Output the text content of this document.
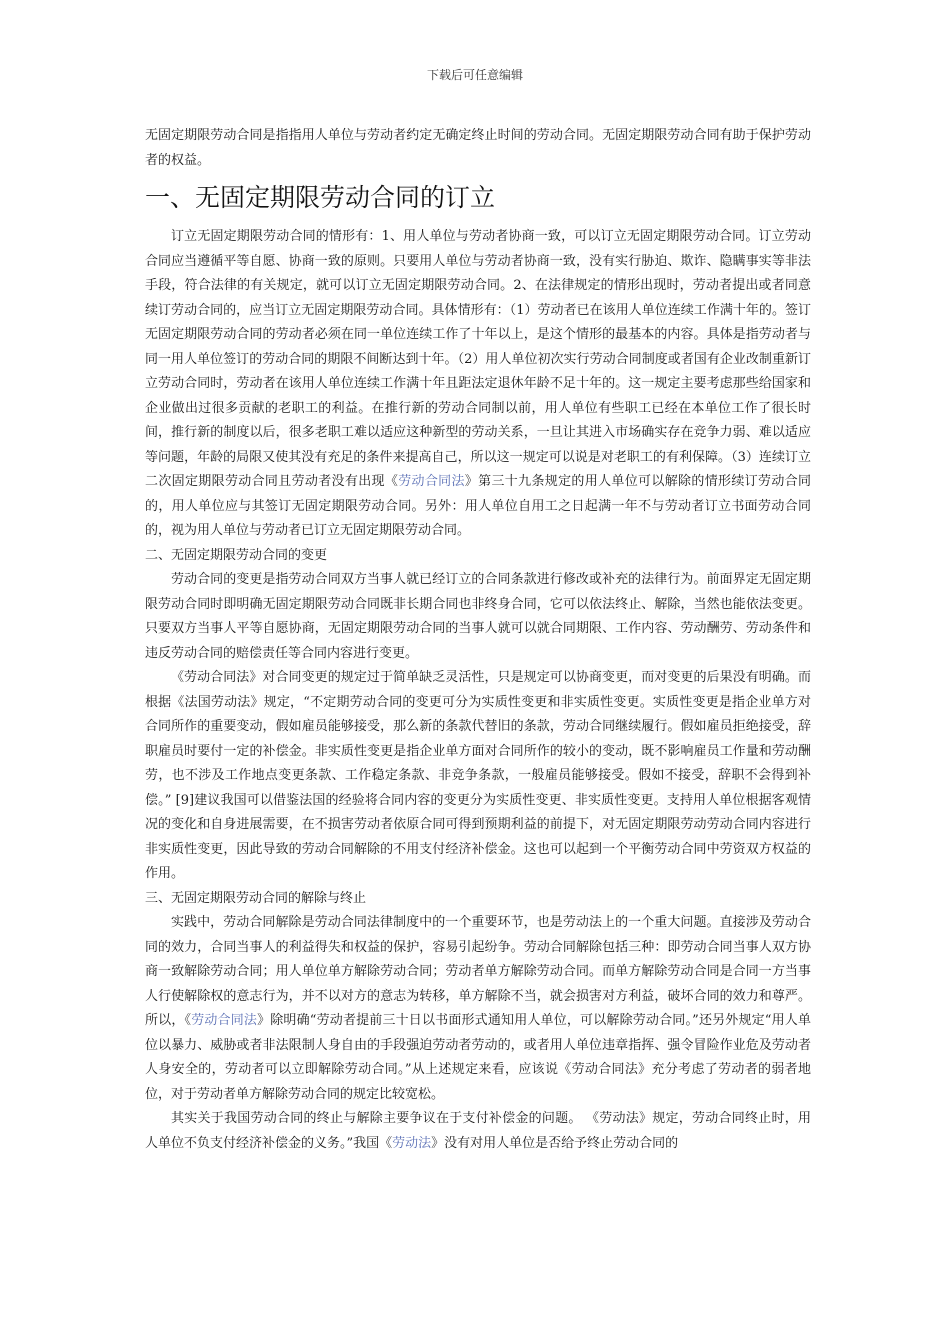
下载后可任意编辑

无固定期限劳动合同是指指用人单位与劳动者约定无确定终止时间的劳动合同。无固定期限劳动合同有助于保护劳动者的权益。

一、无固定期限劳动合同的订立

订立无固定期限劳动合同的情形有：1、用人单位与劳动者协商一致，可以订立无固定期限劳动合同。订立劳动合同应当遵循平等自愿、协商一致的原则。只要用人单位与劳动者协商一致，没有实行胁迫、欺诈、隐瞒事实等非法手段，符合法律的有关规定，就可以订立无固定期限劳动合同。2、在法律规定的情形出现时，劳动者提出或者同意续订劳动合同的，应当订立无固定期限劳动合同。具体情形有：（1）劳动者已在该用人单位连续工作满十年的。签订无固定期限劳动合同的劳动者必须在同一单位连续工作了十年以上，是这个情形的最基本的内容。具体是指劳动者与同一用人单位签订的劳动合同的期限不间断达到十年。（2）用人单位初次实行劳动合同制度或者国有企业改制重新订立劳动合同时，劳动者在该用人单位连续工作满十年且距法定退休年龄不足十年的。这一规定主要考虑那些给国家和企业做出过很多贡献的老职工的利益。在推行新的劳动合同制以前，用人单位有些职工已经在本单位工作了很长时间，推行新的制度以后，很多老职工难以适应这种新型的劳动关系，一旦让其进入市场确实存在竞争力弱、难以适应等问题，年龄的局限又使其没有充足的条件来提高自己，所以这一规定可以说是对老职工的有利保障。（3）连续订立二次固定期限劳动合同且劳动者没有出现《劳动合同法》第三十九条规定的用人单位可以解除的情形续订劳动合同的，用人单位应与其签订无固定期限劳动合同。另外：用人单位自用工之日起满一年不与劳动者订立书面劳动合同的，视为用人单位与劳动者已订立无固定期限劳动合同。

二、无固定期限劳动合同的变更

劳动合同的变更是指劳动合同双方当事人就已经订立的合同条款进行修改或补充的法律行为。前面界定无固定期限劳动合同时即明确无固定期限劳动合同既非长期合同也非终身合同，它可以依法终止、解除，当然也能依法变更。只要双方当事人平等自愿协商，无固定期限劳动合同的当事人就可以就合同期限、工作内容、劳动酬劳、劳动条件和违反劳动合同的赔偿责任等合同内容进行变更。

《劳动合同法》对合同变更的规定过于简单缺乏灵活性，只是规定可以协商变更，而对变更的后果没有明确。而根据《法国劳动法》规定，“不定期劳动合同的变更可分为实质性变更和非实质性变更。实质性变更是指企业单方对合同所作的重要变动，假如雇员能够接受，那么新的条款代替旧的条款，劳动合同继续履行。假如雇员拒绝接受，辞职雇员时要付一定的补偿金。非实质性变更是指企业单方面对合同所作的较小的变动，既不影响雇员工作量和劳动酬劳，也不涉及工作地点变更条款、工作稳定条款、非竞争条款，一般雇员能够接受。假如不接受，辞职不会得到补偿。” [9]建议我国可以借鉴法国的经验将合同内容的变更分为实质性变更、非实质性变更。支持用人单位根据客观情况的变化和自身进展需要，在不损害劳动者依原合同可得到预期利益的前提下，对无固定期限劳动劳动合同内容进行非实质性变更，因此导致的劳动合同解除的不用支付经济补偿金。这也可以起到一个平衡劳动合同中劳资双方权益的作用。

三、无固定期限劳动合同的解除与终止

实践中，劳动合同解除是劳动合同法律制度中的一个重要环节，也是劳动法上的一个重大问题。直接涉及劳动合同的效力，合同当事人的利益得失和权益的保护，容易引起纷争。劳动合同解除包括三种：即劳动合同当事人双方协商一致解除劳动合同；用人单位单方解除劳动合同；劳动者单方解除劳动合同。而单方解除劳动合同是合同一方当事人行使解除权的意志行为，并不以对方的意志为转移，单方解除不当，就会损害对方利益，破坏合同的效力和尊严。所以，《劳动合同法》除明确“劳动者提前三十日以书面形式通知用人单位，可以解除劳动合同。”还另外规定“用人单位以暴力、威胁或者非法限制人身自由的手段强迫劳动者劳动的，或者用人单位违章指挥、强令冒险作业危及劳动者人身安全的，劳动者可以立即解除劳动合同。”从上述规定来看，应该说《劳动合同法》充分考虑了劳动者的弱者地位，对于劳动者单方解除劳动合同的规定比较宽松。

其实关于我国劳动合同的终止与解除主要争议在于支付补偿金的问题。 《劳动法》规定，劳动合同终止时，用人单位不负支付经济补偿金的义务。”我国《劳动法》没有对用人单位是否给予终止劳动合同的
